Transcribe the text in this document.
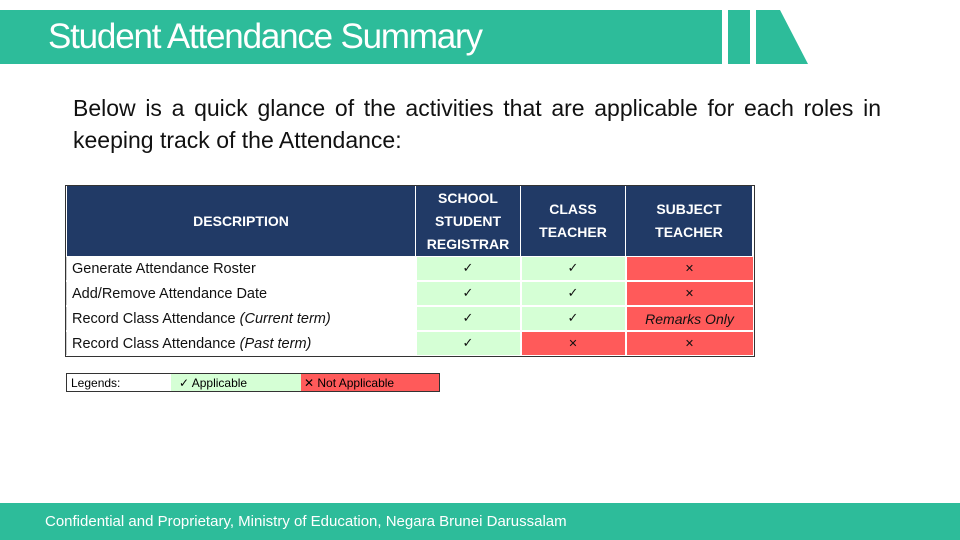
Student Attendance Summary
Below is a quick glance of the activities that are applicable for each roles in keeping track of the Attendance:
DESCRIPTION	SCHOOL STUDENT REGISTRAR	CLASS TEACHER	SUBJECT TEACHER
Generate Attendance Roster	✓	✓	✕
Add/Remove Attendance Date	✓	✓	✕
Record Class Attendance (Current term)	✓	✓	Remarks Only
Record Class Attendance (Past term)	✓	✕	✕
Legends:	✓ Applicable	✕ Not Applicable
Confidential and Proprietary, Ministry of Education, Negara Brunei Darussalam
